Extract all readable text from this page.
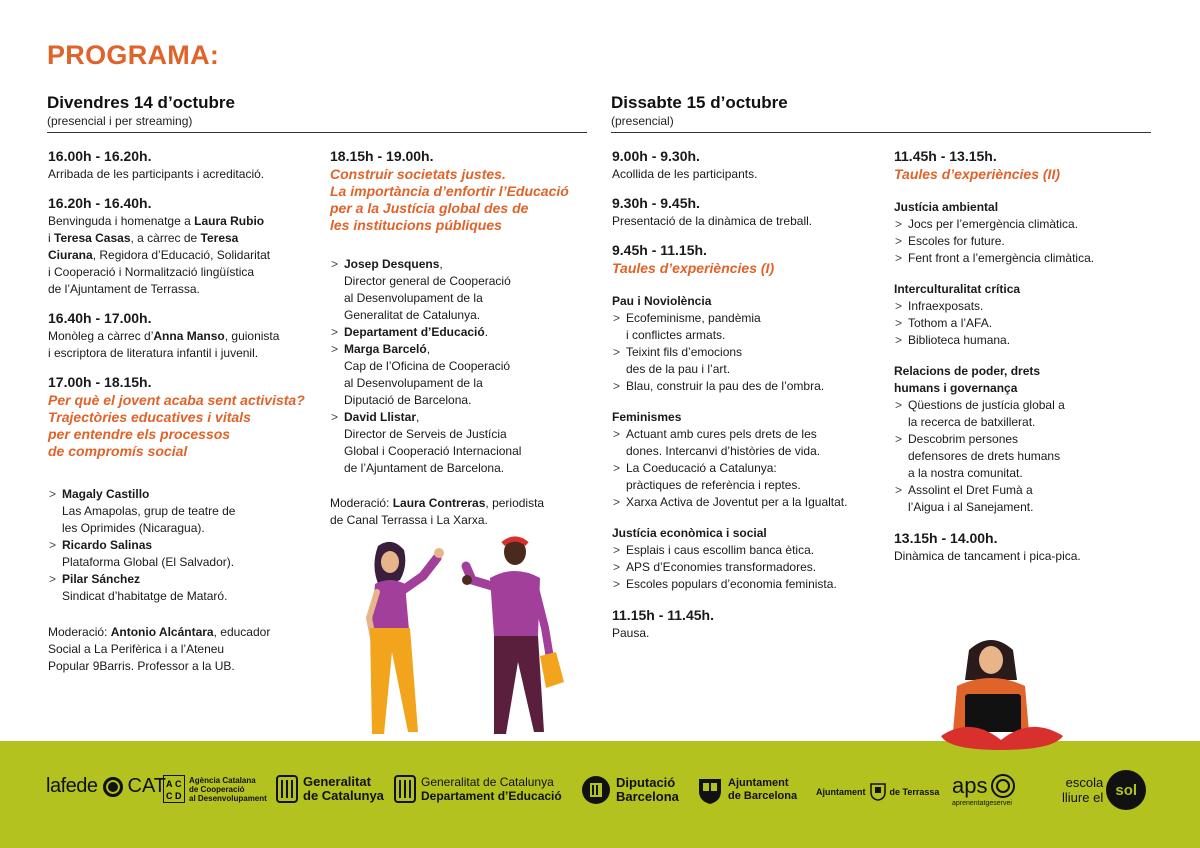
PROGRAMA:
Divendres 14 d’octubre
(presencial i per streaming)
Dissabte 15 d’octubre
(presencial)
16.00h - 16.20h.
Arribada de les participants i acreditació.
16.20h - 16.40h.
Benvinguda i homenatge a Laura Rubio
i Teresa Casas, a càrrec de Teresa
Ciurana, Regidora d’Educació, Solidaritat
i Cooperació i Normalització lingüística
de l’Ajuntament de Terrassa.
16.40h - 17.00h.
Monòleg a càrrec d’Anna Manso, guionista
i escriptora de literatura infantil i juvenil.
17.00h - 18.15h.
Per què el jovent acaba sent activista?
Trajectòries educatives i vitals
per entendre els processos
de compromís social
> Magaly Castillo
Las Amapolas, grup de teatre de
les Oprimides (Nicaragua).
> Ricardo Salinas
Plataforma Global (El Salvador).
> Pilar Sánchez
Sindicat d’habitatge de Mataró.
Moderació: Antonio Alcántara, educador
Social a La Perifèrica i a l’Ateneu
Popular 9Barris. Professor a la UB.
18.15h - 19.00h.
Construir societats justes.
La importància d’enfortir l’Educació
per a la Justícia global des de
les institucions públiques
> Josep Desquens,
Director general de Cooperació
al Desenvolupament de la
Generalitat de Catalunya.
> Departament d’Educació.
> Marga Barceló,
Cap de l’Oficina de Cooperació
al Desenvolupament de la
Diputació de Barcelona.
> David Llistar,
Director de Serveis de Justícia
Global i Cooperació Internacional
de l’Ajuntament de Barcelona.
Moderació: Laura Contreras, periodista
de Canal Terrassa i La Xarxa.
9.00h - 9.30h.
Acollida de les participants.
9.30h - 9.45h.
Presentació de la dinàmica de treball.
9.45h - 11.15h.
Taules d’experiències (I)
Pau i Noviolència
> Ecofeminisme, pandèmia
i conflictes armats.
> Teixint fils d’emocions
des de la pau i l’art.
> Blau, construir la pau des de l’ombra.
Feminismes
> Actuant amb cures pels drets de les
dones. Intercanvi d’històries de vida.
> La Coeducació a Catalunya:
pràctiques de referència i reptes.
> Xarxa Activa de Joventut per a la Igualtat.
Justícia econòmica i social
> Esplais i caus escollim banca ètica.
> APS d’Economies transformadores.
> Escoles populars d’economia feminista.
11.15h - 11.45h.
Pausa.
11.45h - 13.15h.
Taules d’experiències (II)
Justícia ambiental
> Jocs per l’emergència climàtica.
> Escoles for future.
> Fent front a l’emergència climàtica.
Interculturalitat crítica
> Infraexposats.
> Tothom a l’AFA.
> Biblioteca humana.
Relacions de poder, drets humans i governança
> Qüestions de justícia global a
la recerca de batxillerat.
> Descobrim persones
defensores de drets humans
a la nostra comunitat.
> Assolint el Dret Fumà a
l’Aigua i al Sanejament.
13.15h - 14.00h.
Dinàmica de tancament i pica-pica.
lafede CAT A C
C D
Agència Catalana
de Cooperació
al Desenvolupament
Generalitat
de Catalunya
Generalitat de Catalunya
Departament d’Educació
Diputació
Barcelona
Ajuntament
de Barcelona Ajuntament	de Terrassa aps
aprenentatgeservei
escola
lliure el sol
